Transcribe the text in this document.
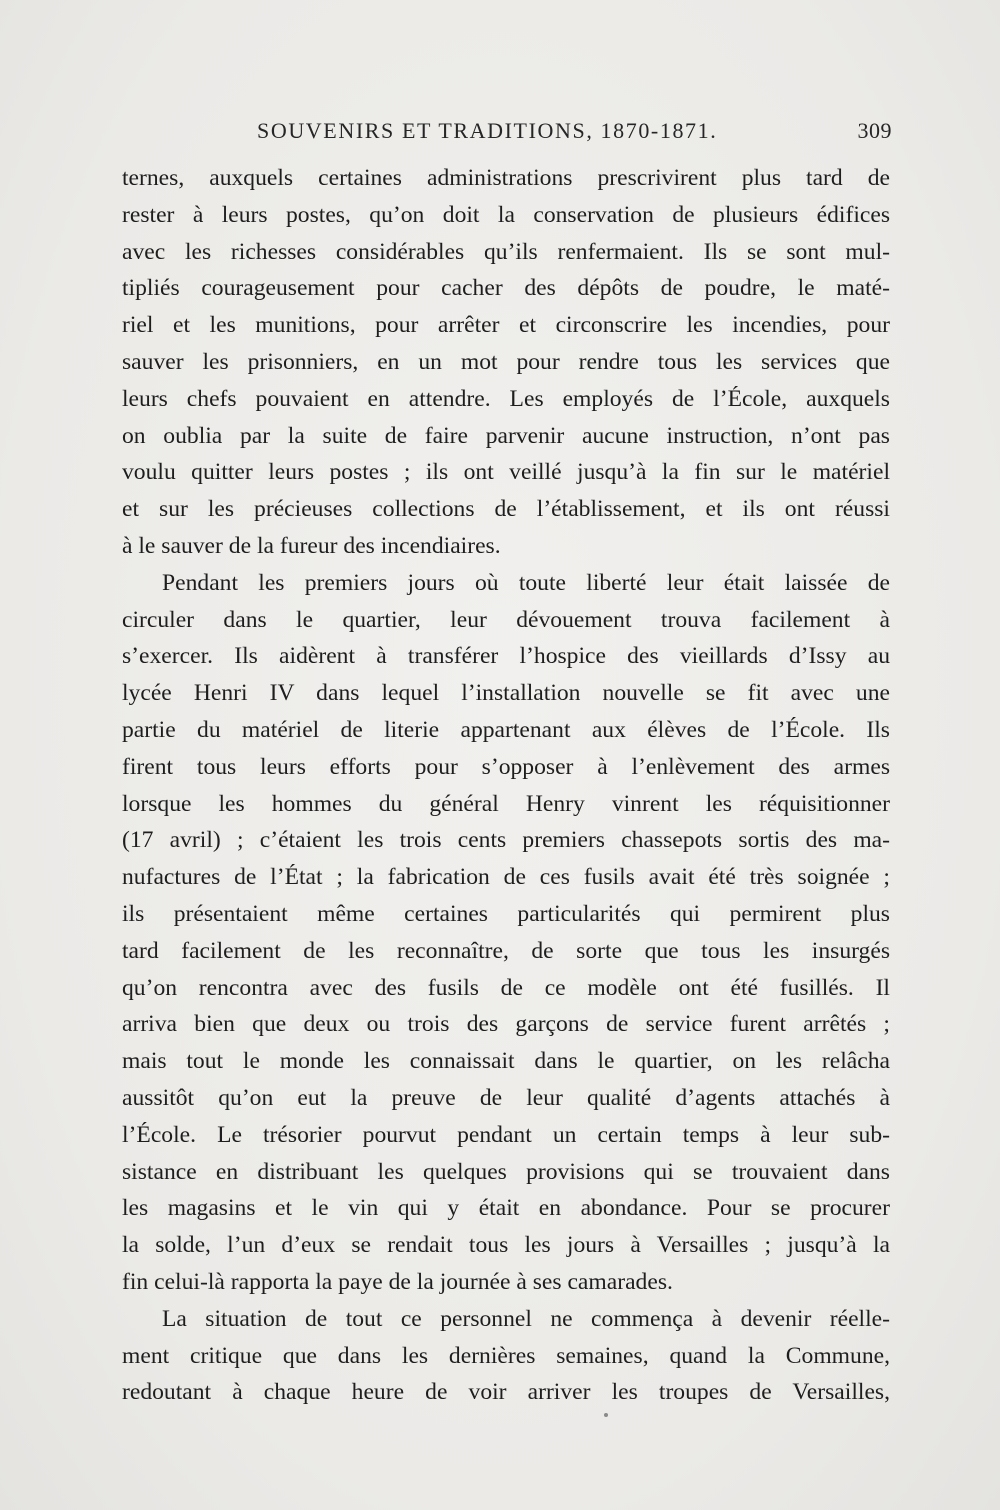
SOUVENIRS ET TRADITIONS, 1870-1871.	309
ternes, auxquels certaines administrations prescrivirent plus tard de
rester à leurs postes, qu’on doit la conservation de plusieurs édifices
avec les richesses considérables qu’ils renfermaient. Ils se sont mul-
tipliés courageusement pour cacher des dépôts de poudre, le maté-
riel et les munitions, pour arrêter et circonscrire les incendies, pour
sauver les prisonniers, en un mot pour rendre tous les services que
leurs chefs pouvaient en attendre. Les employés de l’École, auxquels
on oublia par la suite de faire parvenir aucune instruction, n’ont pas
voulu quitter leurs postes ; ils ont veillé jusqu’à la fin sur le matériel
et sur les précieuses collections de l’établissement, et ils ont réussi
à le sauver de la fureur des incendiaires.
Pendant les premiers jours où toute liberté leur était laissée de
circuler dans le quartier, leur dévouement trouva facilement à
s’exercer. Ils aidèrent à transférer l’hospice des vieillards d’Issy au
lycée Henri IV dans lequel l’installation nouvelle se fit avec une
partie du matériel de literie appartenant aux élèves de l’École. Ils
firent tous leurs efforts pour s’opposer à l’enlèvement des armes
lorsque les hommes du général Henry vinrent les réquisitionner
(17 avril) ; c’étaient les trois cents premiers chassepots sortis des ma-
nufactures de l’État ; la fabrication de ces fusils avait été très soignée ;
ils présentaient même certaines particularités qui permirent plus
tard facilement de les reconnaître, de sorte que tous les insurgés
qu’on rencontra avec des fusils de ce modèle ont été fusillés. Il
arriva bien que deux ou trois des garçons de service furent arrêtés ;
mais tout le monde les connaissait dans le quartier, on les relâcha
aussitôt qu’on eut la preuve de leur qualité d’agents attachés à
l’École. Le trésorier pourvut pendant un certain temps à leur sub-
sistance en distribuant les quelques provisions qui se trouvaient dans
les magasins et le vin qui y était en abondance. Pour se procurer
la solde, l’un d’eux se rendait tous les jours à Versailles ; jusqu’à la
fin celui-là rapporta la paye de la journée à ses camarades.
La situation de tout ce personnel ne commença à devenir réelle-
ment critique que dans les dernières semaines, quand la Commune,
redoutant à chaque heure de voir arriver les troupes de Versailles,
